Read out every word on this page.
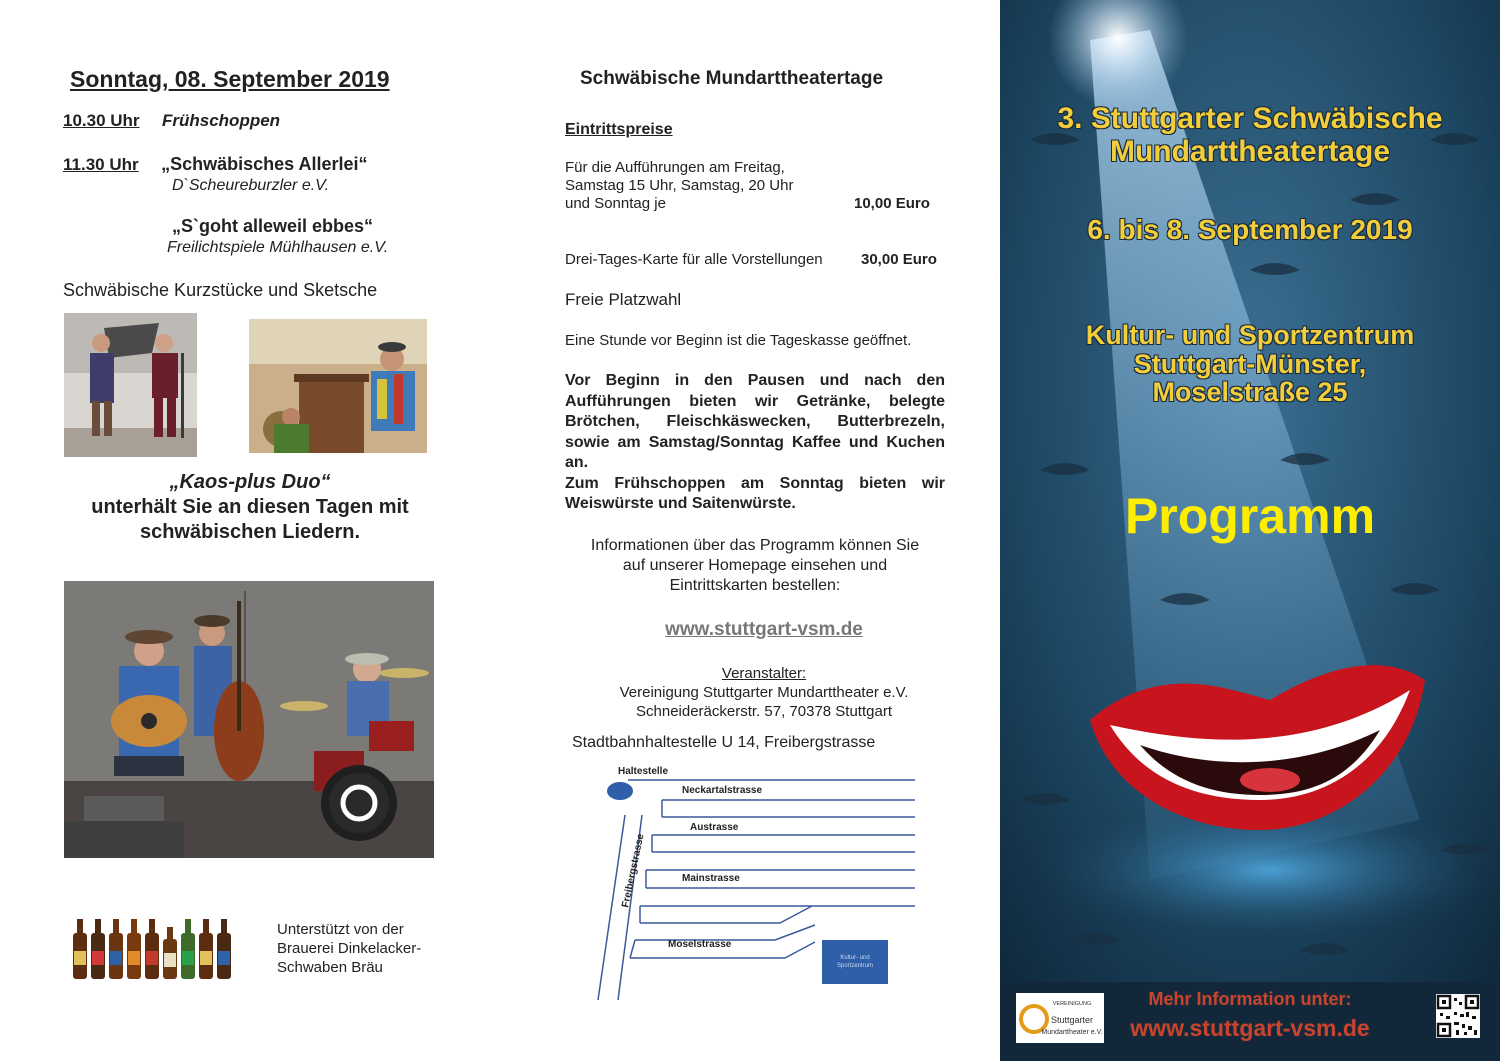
Sonntag, 08. September 2019
10.30 Uhr Frühschoppen
11.30 Uhr „Schwäbisches Allerlei“
D`Scheureburzler e.V.
„S`goht alleweil ebbes“
Freilichtspiele Mühlhausen e.V.
Schwäbische Kurzstücke und Sketsche
„Kaos-plus Duo“
unterhält Sie an diesen Tagen mit
schwäbischen Liedern.
Unterstützt von der
Brauerei Dinkelacker-
Schwaben Bräu
Schwäbische Mundarttheatertage
Eintrittspreise
Für die Aufführungen am Freitag,
Samstag 15 Uhr, Samstag, 20 Uhr
und Sonntag je	10,00 Euro
Drei-Tages-Karte für alle Vorstellungen	30,00 Euro
Freie Platzwahl
Eine Stunde vor Beginn ist die Tageskasse geöffnet.
Vor Beginn in den Pausen und nach den Aufführungen bieten wir Getränke, belegte Brötchen, Fleischkäswecken, Butterbrezeln, sowie am Samstag/Sonntag Kaffee und Kuchen an.
Zum Frühschoppen am Sonntag bieten wir Weiswürste und Saitenwürste.
Informationen über das Programm können Sie
auf unserer Homepage einsehen und
Eintrittskarten bestellen:
www.stuttgart-vsm.de
Veranstalter:
Vereinigung Stuttgarter Mundarttheater e.V.
Schneideräckerstr. 57, 70378 Stuttgart
Stadtbahnhaltestelle U 14, Freibergstrasse
Haltestelle
Neckartalstrasse
Austrasse
Mainstrasse
Moselstrasse
Freibergstrasse
Kultur- und
Sportzentrum
3. Stuttgarter Schwäbische
Mundarttheatertage
6. bis 8. September 2019
Kultur- und Sportzentrum
Stuttgart-Münster,
Moselstraße 25
Programm
VEREINIGUNG
Stuttgarter
Mundarttheater e.V.
Mehr Information unter:
www.stuttgart-vsm.de
